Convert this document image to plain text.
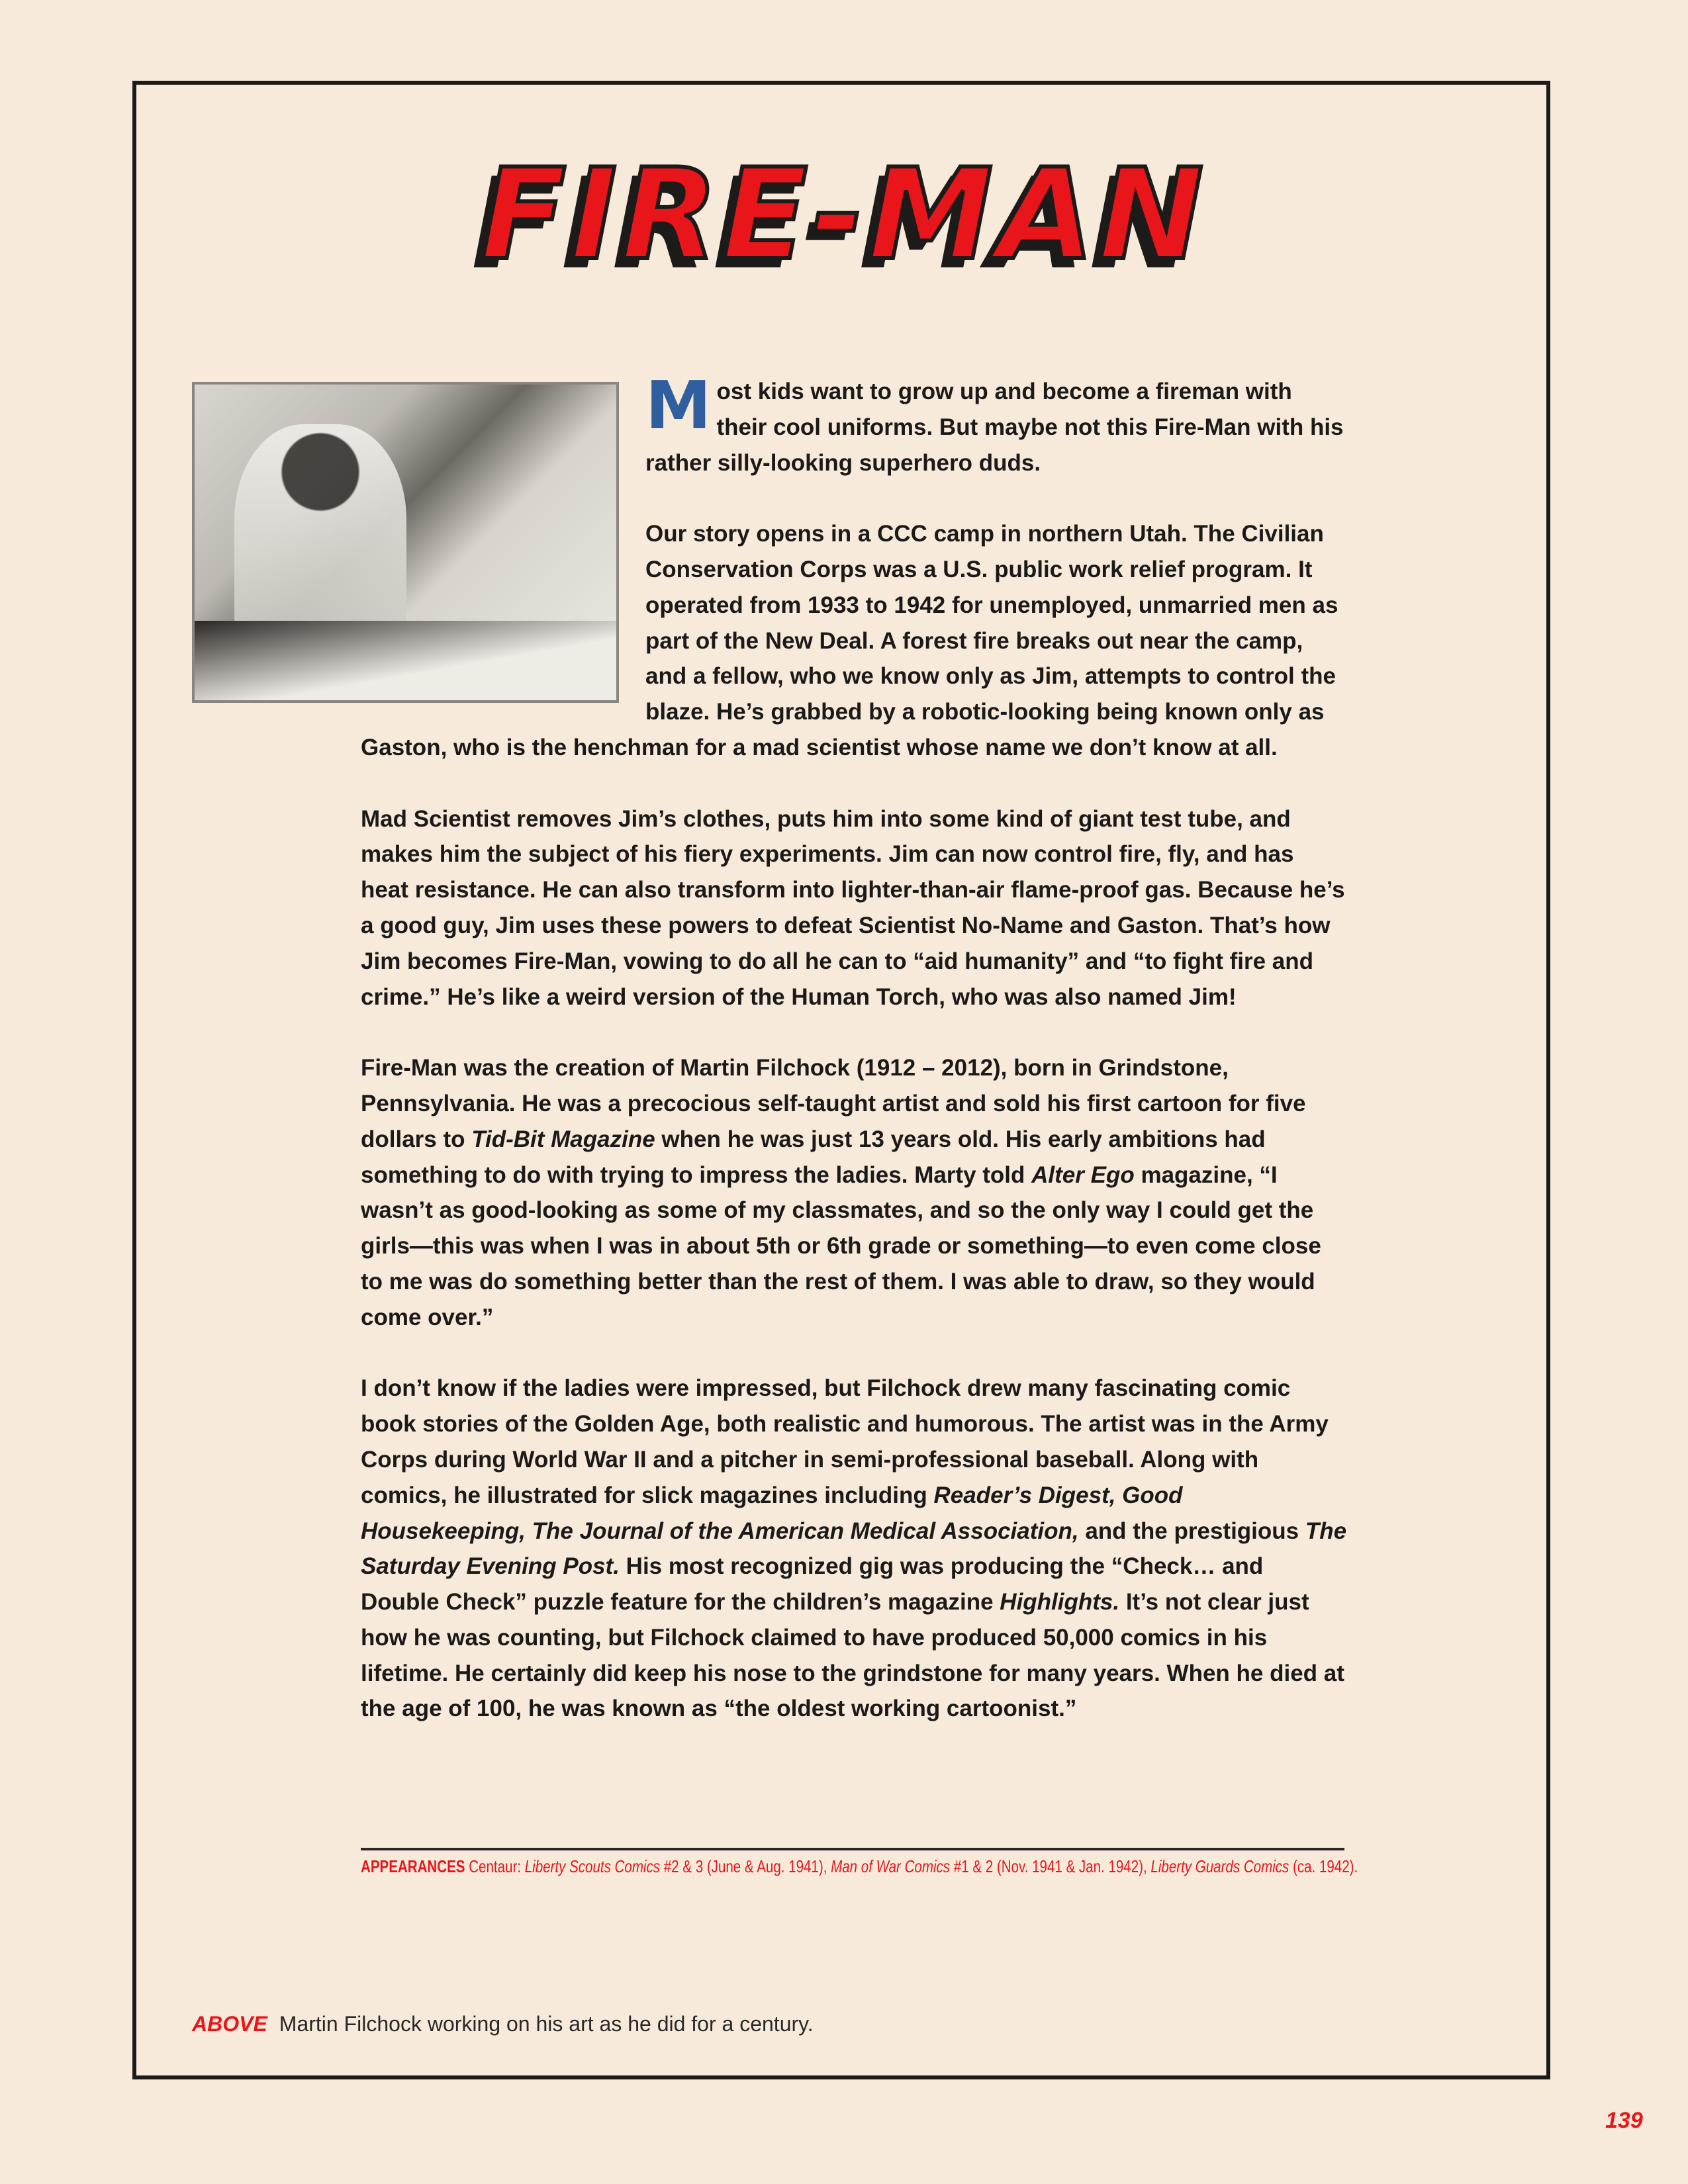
FIRE-MAN

Most kids want to grow up and become a fireman with their cool uniforms. But maybe not this Fire-Man with his rather silly-looking superhero duds.

Our story opens in a CCC camp in northern Utah. The Civilian Conservation Corps was a U.S. public work relief program. It operated from 1933 to 1942 for unemployed, unmarried men as part of the New Deal. A forest fire breaks out near the camp, and a fellow, who we know only as Jim, attempts to control the blaze. He’s grabbed by a robotic-looking being known only as Gaston, who is the henchman for a mad scientist whose name we don’t know at all.

Mad Scientist removes Jim’s clothes, puts him into some kind of giant test tube, and makes him the subject of his fiery experiments. Jim can now control fire, fly, and has heat resistance. He can also transform into lighter-than-air flame-proof gas. Because he’s a good guy, Jim uses these powers to defeat Scientist No-Name and Gaston. That’s how Jim becomes Fire-Man, vowing to do all he can to “aid humanity” and “to fight fire and crime.” He’s like a weird version of the Human Torch, who was also named Jim!

Fire-Man was the creation of Martin Filchock (1912 – 2012), born in Grindstone, Pennsylvania. He was a precocious self-taught artist and sold his first cartoon for five dollars to Tid-Bit Magazine when he was just 13 years old. His early ambitions had something to do with trying to impress the ladies. Marty told Alter Ego magazine, “I wasn’t as good-looking as some of my classmates, and so the only way I could get the girls—this was when I was in about 5th or 6th grade or something—to even come close to me was do something better than the rest of them. I was able to draw, so they would come over.”

I don’t know if the ladies were impressed, but Filchock drew many fascinating comic book stories of the Golden Age, both realistic and humorous. The artist was in the Army Corps during World War II and a pitcher in semi-professional baseball. Along with comics, he illustrated for slick magazines including Reader’s Digest, Good Housekeeping, The Journal of the American Medical Association, and the prestigious The Saturday Evening Post. His most recognized gig was producing the “Check… and Double Check” puzzle feature for the children’s magazine Highlights. It’s not clear just how he was counting, but Filchock claimed to have produced 50,000 comics in his lifetime. He certainly did keep his nose to the grindstone for many years. When he died at the age of 100, he was known as “the oldest working cartoonist.”

APPEARANCES Centaur: Liberty Scouts Comics #2 & 3 (June & Aug. 1941), Man of War Comics #1 & 2 (Nov. 1941 & Jan. 1942), Liberty Guards Comics (ca. 1942).
ABOVE Martin Filchock working on his art as he did for a century.
139
